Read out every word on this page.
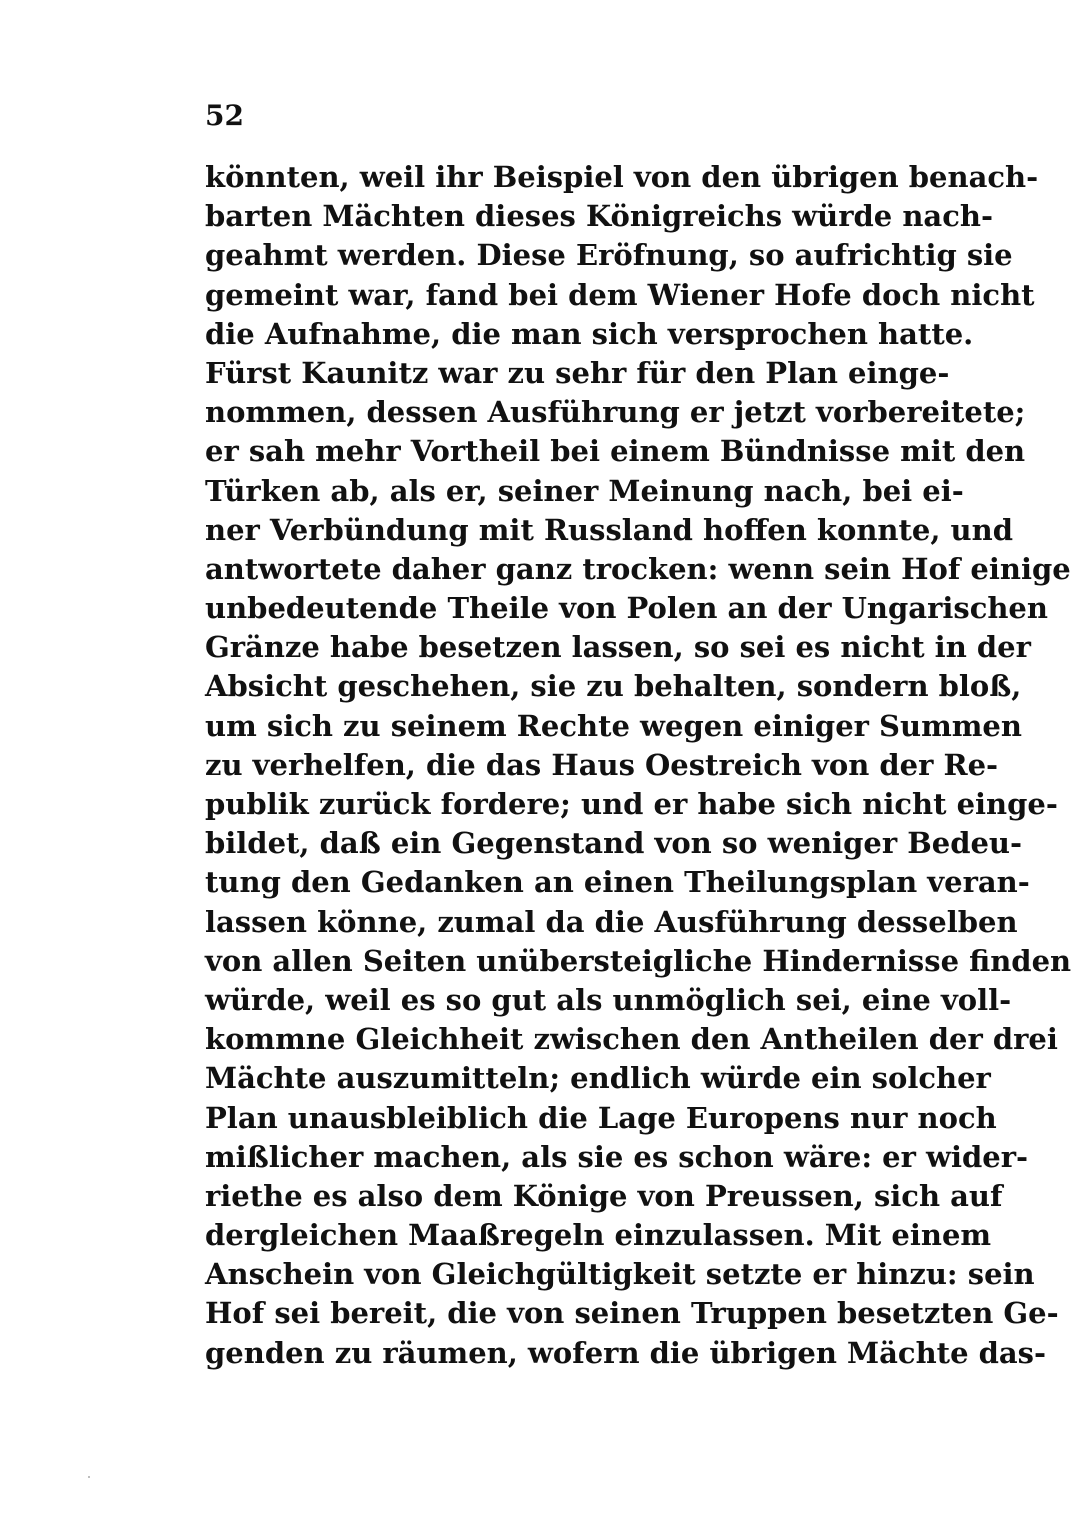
52
könnten, weil ihr Beispiel von den übrigen benach-
barten Mächten dieses Königreichs würde nach-
geahmt werden. Diese Eröfnung, so aufrichtig sie
gemeint war, fand bei dem Wiener Hofe doch nicht
die Aufnahme, die man sich versprochen hatte.
Fürst Kaunitz war zu sehr für den Plan einge-
nommen, dessen Ausführung er jetzt vorbereitete;
er sah mehr Vortheil bei einem Bündnisse mit den
Türken ab, als er, seiner Meinung nach, bei ei-
ner Verbündung mit Russland hoffen konnte, und
antwortete daher ganz trocken: wenn sein Hof einige
unbedeutende Theile von Polen an der Ungarischen
Gränze habe besetzen lassen, so sei es nicht in der
Absicht geschehen, sie zu behalten, sondern bloß,
um sich zu seinem Rechte wegen einiger Summen
zu verhelfen, die das Haus Oestreich von der Re-
publik zurück fordere; und er habe sich nicht einge-
bildet, daß ein Gegenstand von so weniger Bedeu-
tung den Gedanken an einen Theilungsplan veran-
lassen könne, zumal da die Ausführung desselben
von allen Seiten unübersteigliche Hindernisse finden
würde, weil es so gut als unmöglich sei, eine voll-
kommne Gleichheit zwischen den Antheilen der drei
Mächte auszumitteln; endlich würde ein solcher
Plan unausbleiblich die Lage Europens nur noch
mißlicher machen, als sie es schon wäre: er wider-
riethe es also dem Könige von Preussen, sich auf
dergleichen Maaßregeln einzulassen. Mit einem
Anschein von Gleichgültigkeit setzte er hinzu: sein
Hof sei bereit, die von seinen Truppen besetzten Ge-
genden zu räumen, wofern die übrigen Mächte das-
